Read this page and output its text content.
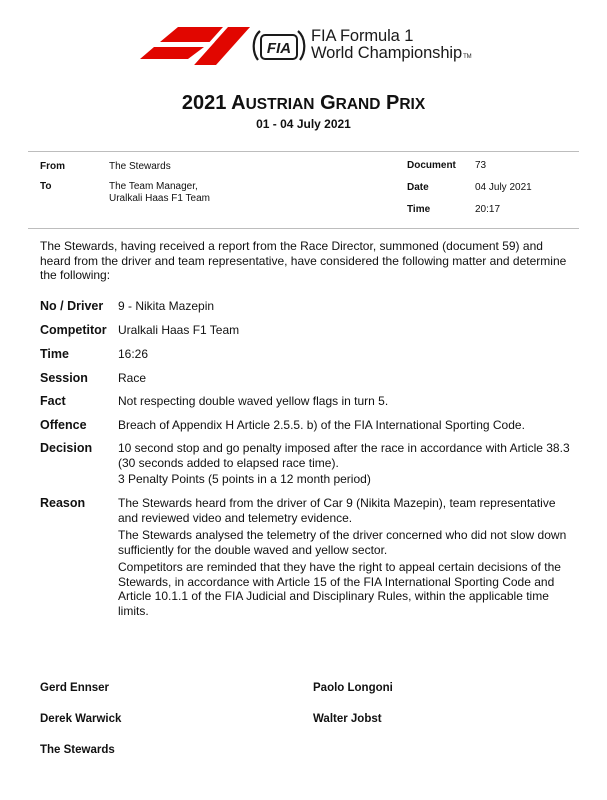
FIA
FIA Formula 1
World ChampionshipTM
2021 AUSTRIAN GRAND PRIX
01 - 04 July 2021
From	The Stewards
To	The Team Manager,
Uralkali Haas F1 Team
Document 73
Date	04 July 2021
Time	20:17
The Stewards, having received a report from the Race Director, summoned (document 59) and heard from the driver and team representative, have considered the following matter and determine the following:
No / Driver 9 - Nikita Mazepin
Competitor Uralkali Haas F1 Team
Time	16:26
Session	Race
Fact	Not respecting double waved yellow flags in turn 5.
Offence	Breach of Appendix H Article 2.5.5. b) of the FIA International Sporting Code.
Decision 10 second stop and go penalty imposed after the race in accordance with Article 38.3 (30 seconds added to elapsed race time).
3 Penalty Points (5 points in a 12 month period)
Reason	The Stewards heard from the driver of Car 9 (Nikita Mazepin), team representative and reviewed video and telemetry evidence.
The Stewards analysed the telemetry of the driver concerned who did not slow down sufficiently for the double waved and yellow sector.
Competitors are reminded that they have the right to appeal certain decisions of the Stewards, in accordance with Article 15 of the FIA International Sporting Code and Article 10.1.1 of the FIA Judicial and Disciplinary Rules, within the applicable time limits.
Gerd Ennser	Paolo Longoni
Derek Warwick	Walter Jobst
The Stewards
